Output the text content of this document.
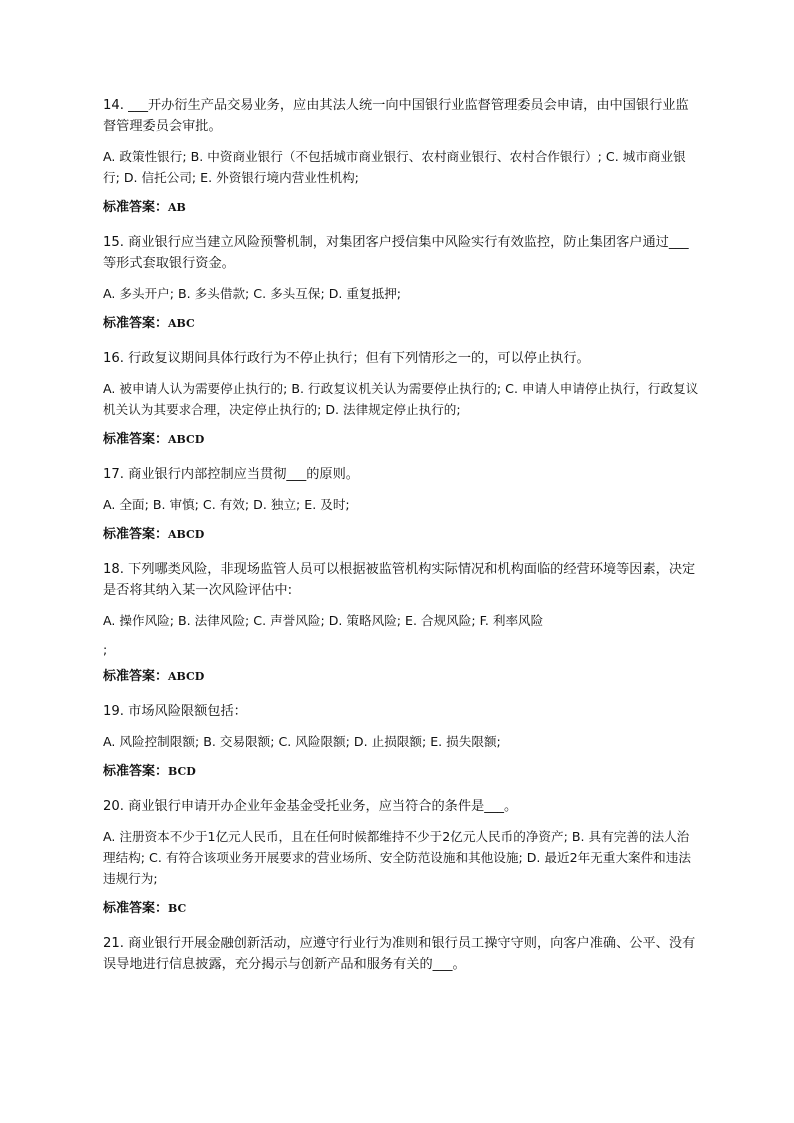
14. ___开办衍生产品交易业务，应由其法人统一向中国银行业监督管理委员会申请，由中国银行业监督管理委员会审批。

A. 政策性银行; B. 中资商业银行（不包括城市商业银行、农村商业银行、农村合作银行）; C. 城市商业银行; D. 信托公司; E. 外资银行境内营业性机构;

标准答案：AB

15. 商业银行应当建立风险预警机制，对集团客户授信集中风险实行有效监控，防止集团客户通过___等形式套取银行资金。

A. 多头开户; B. 多头借款; C. 多头互保; D. 重复抵押;

标准答案：ABC

16. 行政复议期间具体行政行为不停止执行；但有下列情形之一的，可以停止执行。

A. 被申请人认为需要停止执行的; B. 行政复议机关认为需要停止执行的; C. 申请人申请停止执行，行政复议机关认为其要求合理，决定停止执行的; D. 法律规定停止执行的;

标准答案：ABCD

17. 商业银行内部控制应当贯彻___的原则。

A. 全面; B. 审慎; C. 有效; D. 独立; E. 及时;

标准答案：ABCD

18. 下列哪类风险，非现场监管人员可以根据被监管机构实际情况和机构面临的经营环境等因素，决定是否将其纳入某一次风险评估中:

A. 操作风险; B. 法律风险; C. 声誉风险; D. 策略风险; E. 合规风险; F. 利率风险

;

标准答案：ABCD

19. 市场风险限额包括：

A. 风险控制限额; B. 交易限额; C. 风险限额; D. 止损限额; E. 损失限额;

标准答案：BCD

20. 商业银行申请开办企业年金基金受托业务，应当符合的条件是___。

A. 注册资本不少于1亿元人民币，且在任何时候都维持不少于2亿元人民币的净资产; B. 具有完善的法人治理结构; C. 有符合该项业务开展要求的营业场所、安全防范设施和其他设施; D. 最近2年无重大案件和违法违规行为;

标准答案：BC

21. 商业银行开展金融创新活动，应遵守行业行为准则和银行员工操守守则，向客户准确、公平、没有误导地进行信息披露，充分揭示与创新产品和服务有关的___。
